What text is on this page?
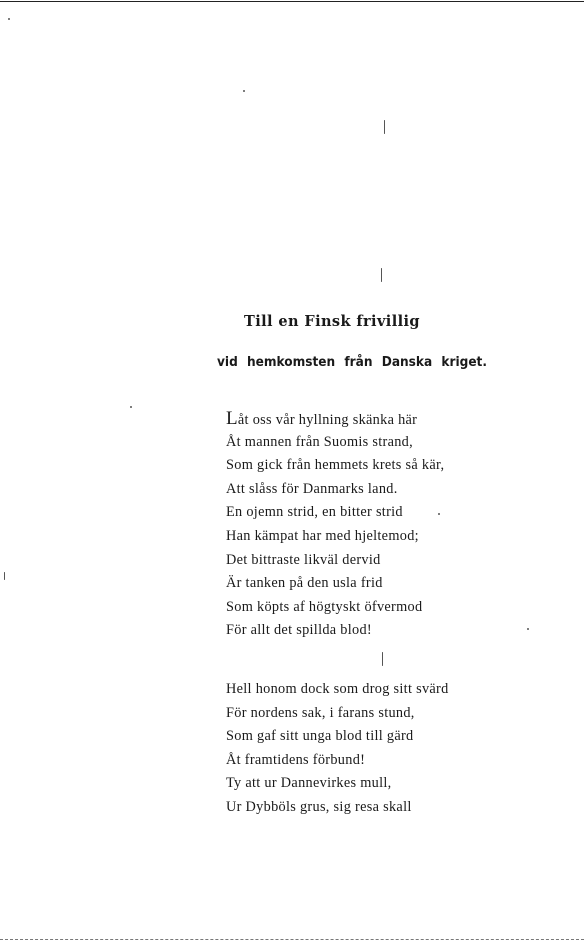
Till en Finsk frivillig
vid hemkomsten från Danska kriget.
Låt oss vår hyllning skänka här
Åt mannen från Suomis strand,
Som gick från hemmets krets så kär,
Att slåss för Danmarks land.
En ojemn strid, en bitter strid
Han kämpat har med hjeltemod;
Det bittraste likväl dervid
Är tanken på den usla frid
Som köpts af högtyskt öfvermod
För allt det spillda blod!
Hell honom dock som drog sitt svärd
För nordens sak, i farans stund,
Som gaf sitt unga blod till gärd
Åt framtidens förbund!
Ty att ur Dannevirkes mull,
Ur Dybböls grus, sig resa skall
